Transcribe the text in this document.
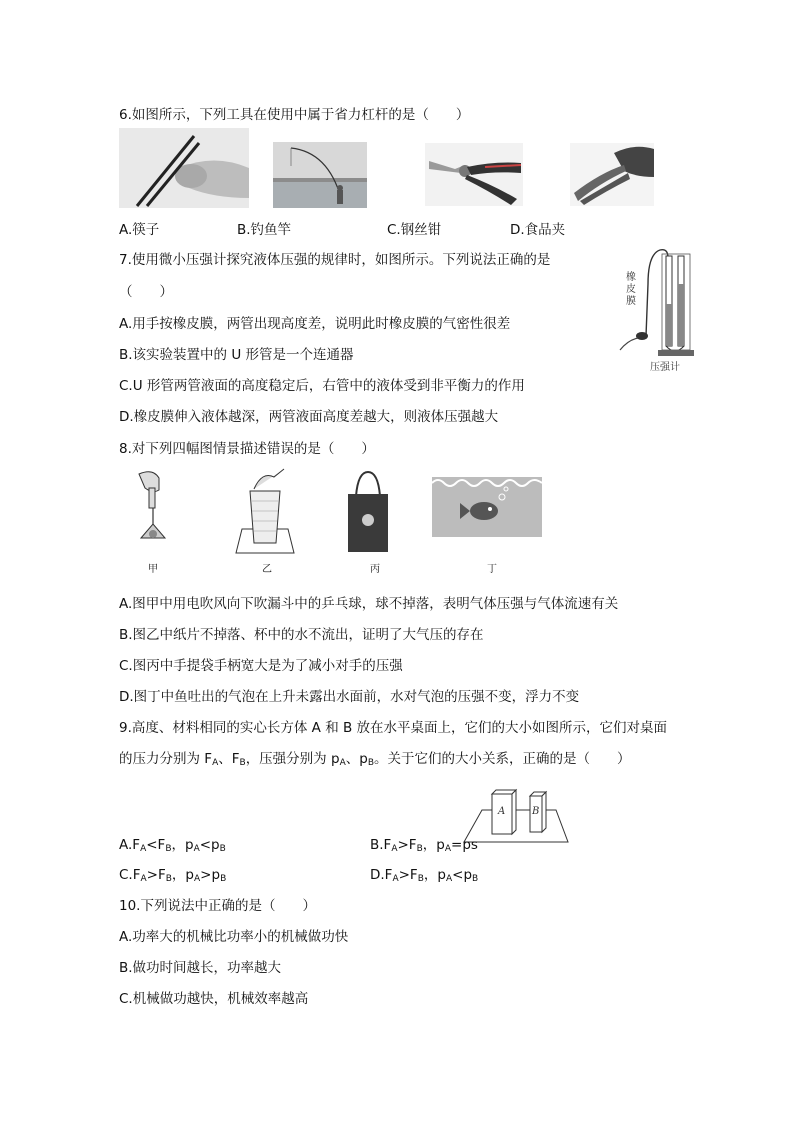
6.如图所示，下列工具在使用中属于省力杠杆的是（　　）
A.筷子	B.钓鱼竿	C.钢丝钳	D.食品夹
7.使用微小压强计探究液体压强的规律时，如图所示。下列说法正确的是
（　　）
A.用手按橡皮膜，两管出现高度差，说明此时橡皮膜的气密性很差
B.该实验装置中的 U 形管是一个连通器
C.U 形管两管液面的高度稳定后，右管中的液体受到非平衡力的作用
D.橡皮膜伸入液体越深，两管液面高度差越大，则液体压强越大
橡
皮
膜
压强计
8.对下列四幅图情景描述错误的是（　　）
甲	乙	丙	丁
A.图甲中用电吹风向下吹漏斗中的乒乓球，球不掉落，表明气体压强与气体流速有关
B.图乙中纸片不掉落、杯中的水不流出，证明了大气压的存在
C.图丙中手提袋手柄宽大是为了减小对手的压强
D.图丁中鱼吐出的气泡在上升未露出水面前，水对气泡的压强不变，浮力不变
9.高度、材料相同的实心长方体 A 和 B 放在水平桌面上，它们的大小如图所示，它们对桌面
的压力分别为 $F_A$、$F_B$，压强分别为 $p_A$、$p_B$。关于它们的大小关系，正确的是（　　）
A	B
$A.F_A<F_B$，$p_A<p_B$	$B.F_A>F_B$，$p_A=ps$
$C.F_A>F_B$，$p_A>p_B$	$D.F_A>F_B$，$p_A<p_B$
10.下列说法中正确的是（　　）
A.功率大的机械比功率小的机械做功快
B.做功时间越长，功率越大
C.机械做功越快，机械效率越高
